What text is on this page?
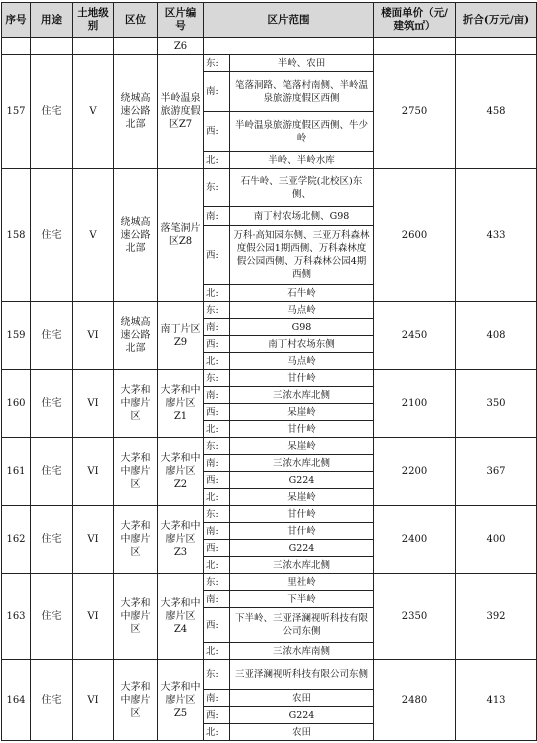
序号	用途	土地级别	区位	区片编号	区片范围		楼面单价（元/建筑㎡）	折合(万元/亩)
				Z6				
157	住宅	V	绕城高速公路北部	半岭温泉旅游度假区Z7	东:	半岭、农田	2750	458
					南:	笔落洞路、笔落村南侧、半岭温泉旅游度假区西侧		
					西:	半岭温泉旅游度假区西侧、牛少岭		
					北:	半岭、半岭水库		
158	住宅	V	绕城高速公路北部	落笔洞片区Z8	东:	石牛岭、三亚学院(北校区)东侧、	2600	433
					南:	南丁村农场北侧、G98		
					西:	万科·高知园东侧、三亚万科森林度假公园1期西侧、万科森林度假公园西侧、万科森林公园4期西侧		
					北:	石牛岭		
159	住宅	VI	绕城高速公路北部	南丁片区Z9	东:	马点岭	2450	408
					南:	G98		
					西:	南丁村农场东侧		
					北:	马点岭		
160	住宅	VI	大茅和中廖片区	大茅和中廖片区Z1	东:	甘什岭	2100	350
					南:	三浓水库北侧		
					西:	呆崖岭		
					北:	甘什岭		
161	住宅	VI	大茅和中廖片区	大茅和中廖片区Z2	东:	呆崖岭	2200	367
					南:	三浓水库北侧		
					西:	G224		
					北:	呆崖岭		
162	住宅	VI	大茅和中廖片区	大茅和中廖片区Z3	东:	甘什岭	2400	400
					南:	甘什岭		
					西:	G224		
					北:	三浓水库北侧		
163	住宅	VI	大茅和中廖片区	大茅和中廖片区Z4	东:	里社岭	2350	392
					南:	下半岭		
					西:	下半岭、三亚泽澜视听科技有限公司东侧		
					北:	三浓水库南侧		
164	住宅	VI	大茅和中廖片区	大茅和中廖片区Z5	东:	三亚泽澜视听科技有限公司东侧	2480	413
					南:	农田		
					西:	G224		
					北:	农田		
